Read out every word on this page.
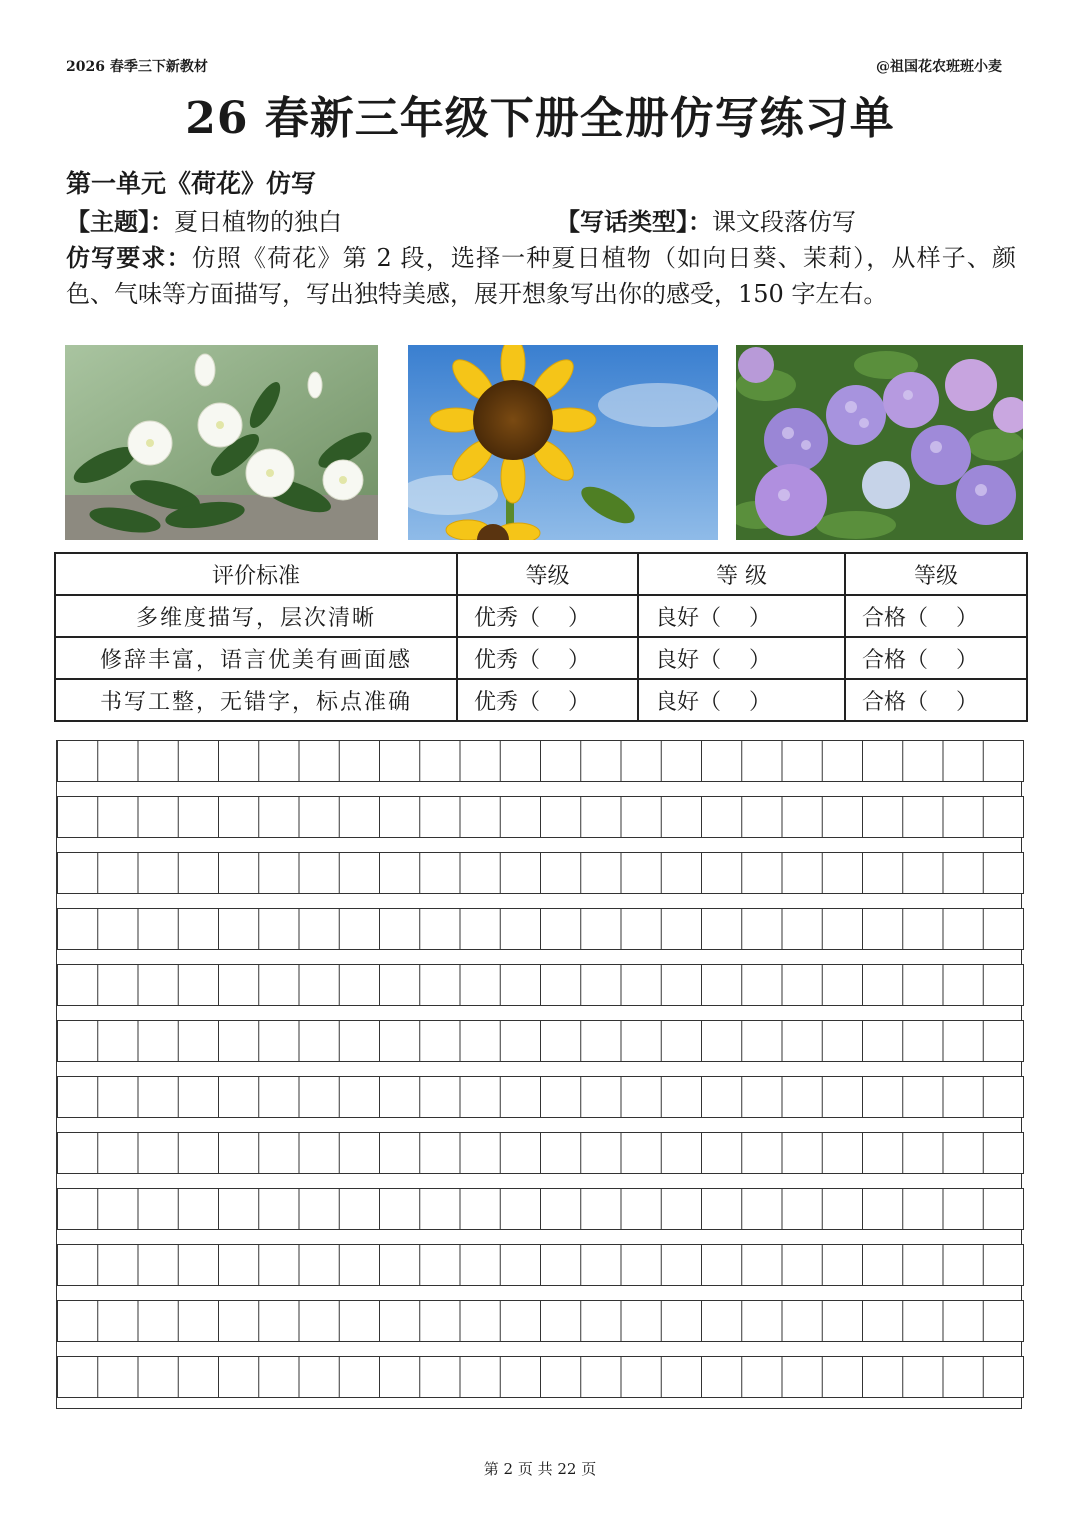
2026 春季三下新教材	@祖国花农班班小麦
26 春新三年级下册全册仿写练习单
第一单元《荷花》仿写
【主题】：夏日植物的独白	【写话类型】：课文段落仿写
仿写要求：仿照《荷花》第 2 段，选择一种夏日植物（如向日葵、茉莉），从样子、颜色、气味等方面描写，写出独特美感，展开想象写出你的感受，150 字左右。
评价标准	等级	等 级	等级
多维度描写，层次清晰	优秀（    ）	良好（    ）	合格（    ）
修辞丰富，语言优美有画面感	优秀（    ）	良好（    ）	合格（    ）
书写工整，无错字，标点准确	优秀（    ）	良好（    ）	合格（    ）
第 2 页 共 22 页
